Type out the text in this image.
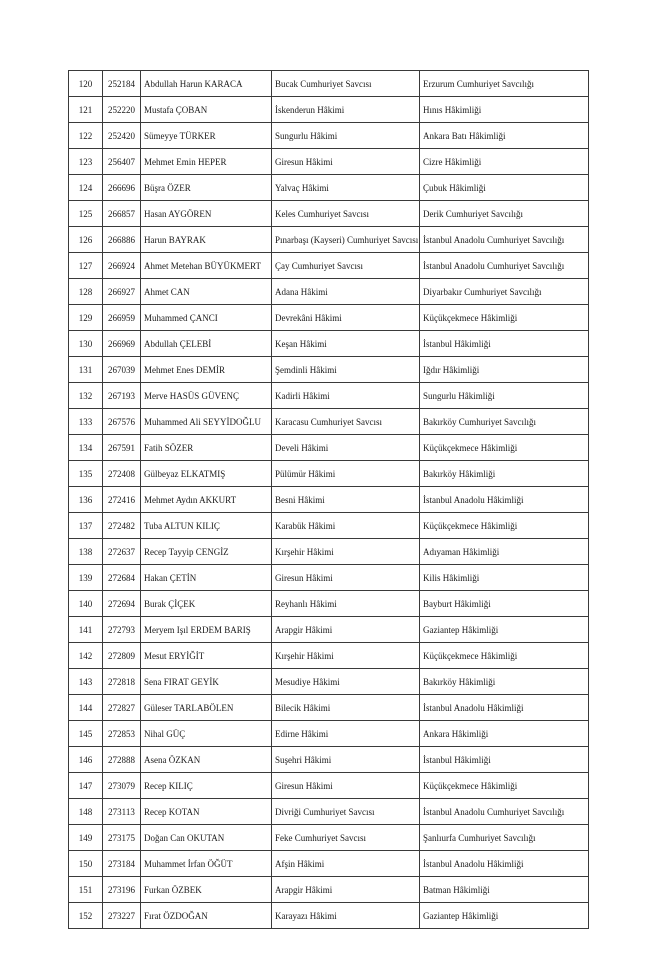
120	252184	Abdullah Harun KARACA	Bucak Cumhuriyet Savcısı	Erzurum Cumhuriyet Savcılığı
121	252220	Mustafa ÇOBAN	İskenderun Hâkimi	Hınıs Hâkimliği
122	252420	Sümeyye TÜRKER	Sungurlu Hâkimi	Ankara Batı Hâkimliği
123	256407	Mehmet Emin HEPER	Giresun Hâkimi	Cizre Hâkimliği
124	266696	Büşra ÖZER	Yalvaç Hâkimi	Çubuk Hâkimliği
125	266857	Hasan AYGÖREN	Keles Cumhuriyet Savcısı	Derik Cumhuriyet Savcılığı
126	266886	Harun BAYRAK	Pınarbaşı (Kayseri) Cumhuriyet Savcısı	İstanbul Anadolu Cumhuriyet Savcılığı
127	266924	Ahmet Metehan BÜYÜKMERT	Çay Cumhuriyet Savcısı	İstanbul Anadolu Cumhuriyet Savcılığı
128	266927	Ahmet CAN	Adana Hâkimi	Diyarbakır Cumhuriyet Savcılığı
129	266959	Muhammed ÇANCI	Devrekâni Hâkimi	Küçükçekmece Hâkimliği
130	266969	Abdullah ÇELEBİ	Keşan Hâkimi	İstanbul Hâkimliği
131	267039	Mehmet Enes DEMİR	Şemdinli Hâkimi	Iğdır Hâkimliği
132	267193	Merve HASÜS GÜVENÇ	Kadirli Hâkimi	Sungurlu Hâkimliği
133	267576	Muhammed Ali SEYYİDOĞLU	Karacasu Cumhuriyet Savcısı	Bakırköy Cumhuriyet Savcılığı
134	267591	Fatih SÖZER	Develi Hâkimi	Küçükçekmece Hâkimliği
135	272408	Gülbeyaz ELKATMIŞ	Pülümür Hâkimi	Bakırköy Hâkimliği
136	272416	Mehmet Aydın AKKURT	Besni Hâkimi	İstanbul Anadolu Hâkimliği
137	272482	Tuba ALTUN KILIÇ	Karabük Hâkimi	Küçükçekmece Hâkimliği
138	272637	Recep Tayyip CENGİZ	Kırşehir Hâkimi	Adıyaman Hâkimliği
139	272684	Hakan ÇETİN	Giresun Hâkimi	Kilis Hâkimliği
140	272694	Burak ÇİÇEK	Reyhanlı Hâkimi	Bayburt Hâkimliği
141	272793	Meryem Işıl ERDEM BARIŞ	Arapgir Hâkimi	Gaziantep Hâkimliği
142	272809	Mesut ERYİĞİT	Kırşehir Hâkimi	Küçükçekmece Hâkimliği
143	272818	Sena FIRAT GEYİK	Mesudiye Hâkimi	Bakırköy Hâkimliği
144	272827	Güleser TARLABÖLEN	Bilecik Hâkimi	İstanbul Anadolu Hâkimliği
145	272853	Nihal GÜÇ	Edirne Hâkimi	Ankara Hâkimliği
146	272888	Asena ÖZKAN	Suşehri Hâkimi	İstanbul Hâkimliği
147	273079	Recep KILIÇ	Giresun Hâkimi	Küçükçekmece Hâkimliği
148	273113	Recep KOTAN	Divriği Cumhuriyet Savcısı	İstanbul Anadolu Cumhuriyet Savcılığı
149	273175	Doğan Can OKUTAN	Feke Cumhuriyet Savcısı	Şanlıurfa Cumhuriyet Savcılığı
150	273184	Muhammet İrfan ÖĞÜT	Afşin Hâkimi	İstanbul Anadolu Hâkimliği
151	273196	Furkan ÖZBEK	Arapgir Hâkimi	Batman Hâkimliği
152	273227	Fırat ÖZDOĞAN	Karayazı Hâkimi	Gaziantep Hâkimliği
